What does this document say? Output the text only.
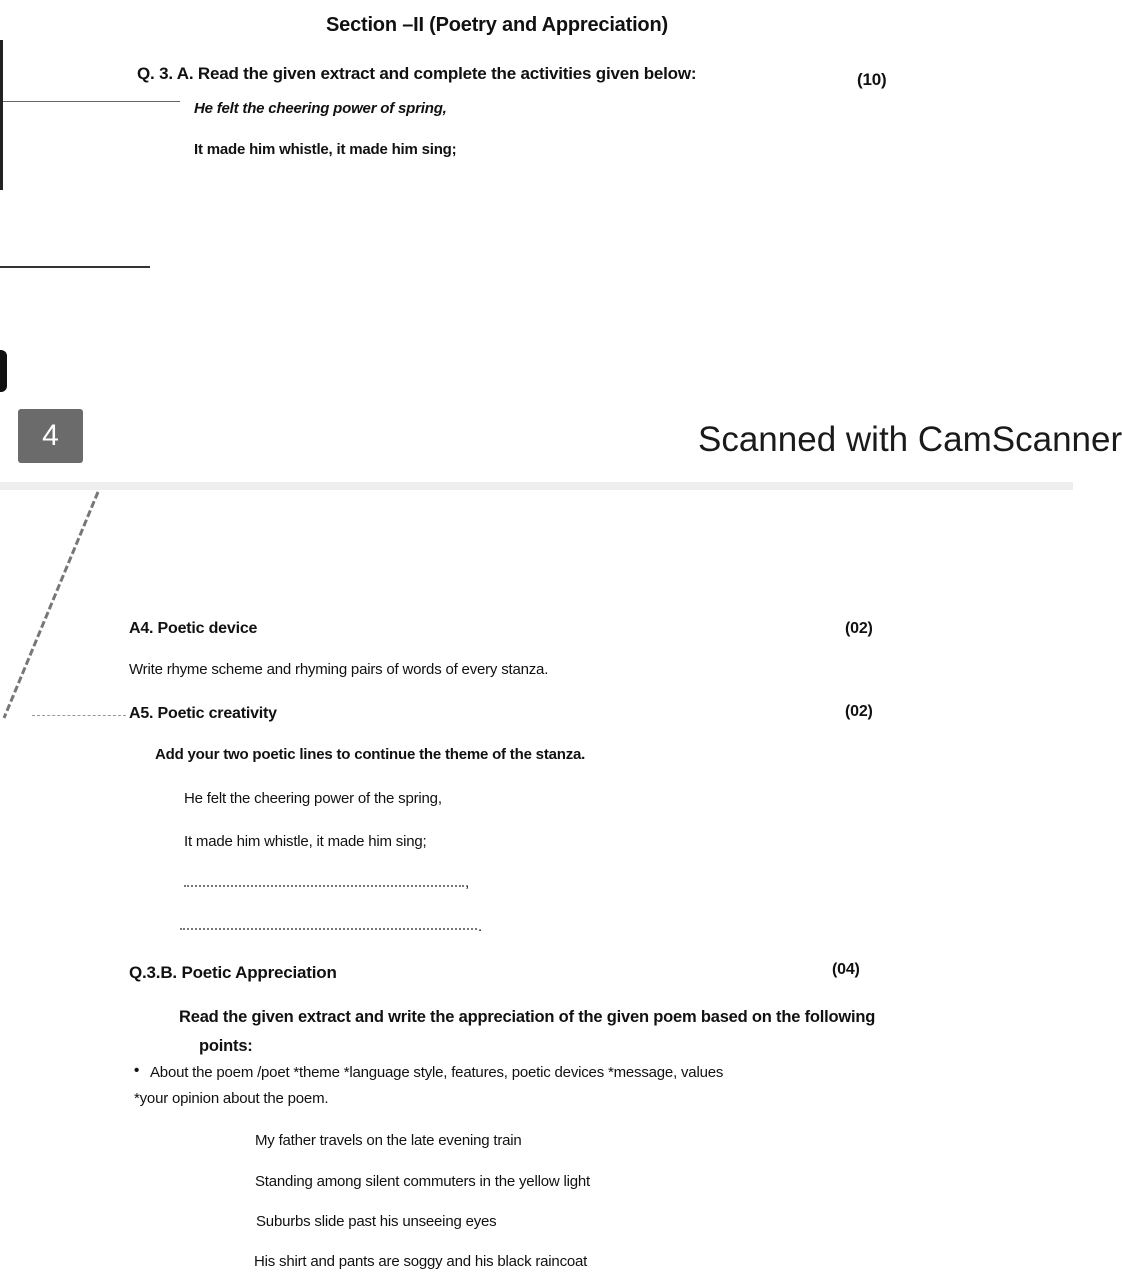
Section –II (Poetry and Appreciation)
Q. 3. A. Read the given extract and complete the activities given below:	(10)
He felt the cheering power of spring,
It made him whistle, it made him sing;
4	Scanned with CamScanner
A4. Poetic device	(02)
Write rhyme scheme and rhyming pairs of words of every stanza.
A5. Poetic creativity	(02)
Add your two poetic lines to continue the theme of the stanza.
He felt the cheering power of the spring,
It made him whistle, it made him sing;
,
.
Q.3.B. Poetic Appreciation	(04)
Read the given extract and write the appreciation of the given poem based on the following
points:
• About the poem /poet *theme *language style, features, poetic devices *message, values
*your opinion about the poem.
My father travels on the late evening train
Standing among silent commuters in the yellow light
Suburbs slide past his unseeing eyes
His shirt and pants are soggy and his black raincoat
